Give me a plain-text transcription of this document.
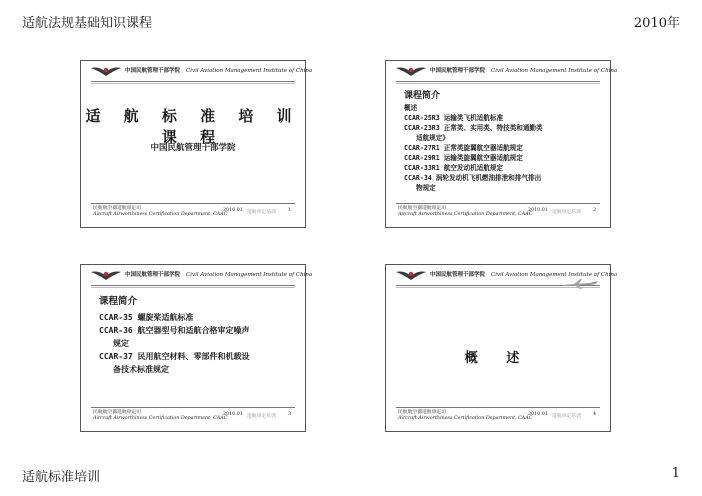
适航法规基础知识课程	2010年
中国民航管理干部学院 Civil Aviation Management Institute of China
适 航 标 准 培 训 课 程
中国民航管理干部学院
民航航空器适航审定司
Aircraft Airworthiness Certification Department, CAAC
2010.01 适航审定培训	1
中国民航管理干部学院 Civil Aviation Management Institute of China
课程简介
概述
CCAR-25R3 运输类飞机适航标准
CCAR-23R3 正常类、实用类、特技类和通勤类
适航规定》
CCAR-27R1 正常类旋翼航空器适航规定
CCAR-29R1 运输类旋翼航空器适航规定
CCAR-33R1 航空发动机适航规定
CCAR-34 涡轮发动机飞机燃油排泄和排气排出
物规定
民航航空器适航审定司
Aircraft Airworthiness Certification Department, CAAC
2010.01 适航审定培训	2
中国民航管理干部学院 Civil Aviation Management Institute of China
课程简介
CCAR-35 螺旋桨适航标准
CCAR-36 航空器型号和适航合格审定噪声
规定
CCAR-37 民用航空材料、零部件和机载设
备技术标准规定
民航航空器适航审定司
Aircraft Airworthiness Certification Department, CAAC
2010.01 适航审定培训	3
中国民航管理干部学院 Civil Aviation Management Institute of China
概 述
民航航空器适航审定司
Aircraft Airworthiness Certification Department, CAAC
2010.01 适航审定培训	4
适航标准培训	1
